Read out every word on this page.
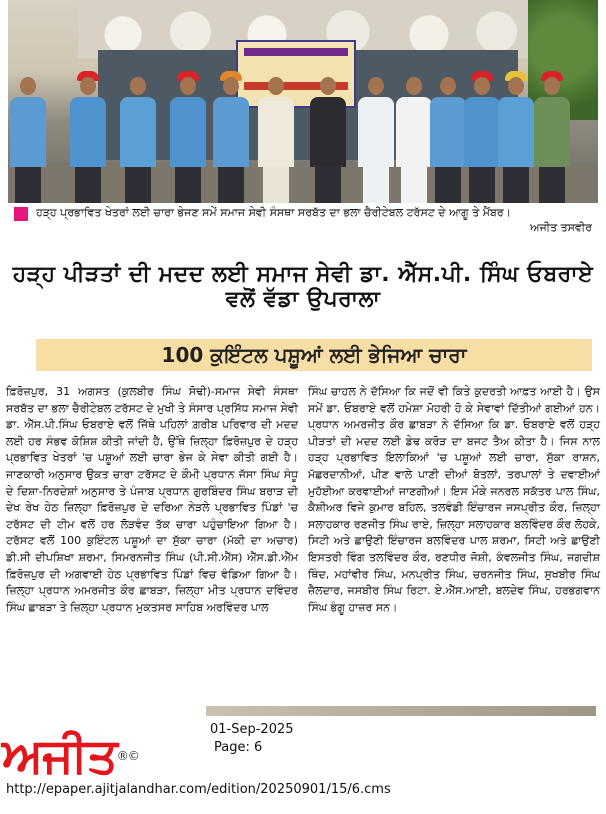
ਹੜ੍ਹ ਪ੍ਰਭਾਵਿਤ ਖੇਤਰਾਂ ਲਈ ਚਾਰਾ ਭੇਜਣ ਸਮੇਂ ਸਮਾਜ ਸੇਵੀ ਸੰਸਥਾ ਸਰਬੱਤ ਦਾ ਭਲਾ ਚੈਰੀਟੇਬਲ ਟਰੱਸਟ ਦੇ ਆਗੂ ਤੇ ਮੈਂਬਰ।
ਅਜੀਤ ਤਸਵੀਰ
ਹੜ੍ਹ ਪੀੜਤਾਂ ਦੀ ਮਦਦ ਲਈ ਸਮਾਜ ਸੇਵੀ ਡਾ. ਐੱਸ.ਪੀ. ਸਿੰਘ ਓਬਰਾਏ ਵਲੋਂ ਵੱਡਾ ਉਪਰਾਲਾ
100 ਕੁਇੰਟਲ ਪਸ਼ੂਆਂ ਲਈ ਭੇਜਿਆ ਚਾਰਾ

ਫ਼ਿਰੋਜ਼ਪੁਰ, 31 ਅਗਸਤ (ਕੁਲਬੀਰ ਸਿੰਘ ਸੋਢੀ)-ਸਮਾਜ ਸੇਵੀ ਸੰਸਥਾ ਸਰਬੱਤ ਦਾ ਭਲਾ ਚੈਰੀਟੇਬਲ ਟਰੱਸਟ ਦੇ ਮੁਖੀ ਤੇ ਸੰਸਾਰ ਪ੍ਰਸਿੱਧ ਸਮਾਜ ਸੇਵੀ ਡਾ. ਐੱਸ.ਪੀ.ਸਿੰਘ ਓਬਰਾਏ ਵਲੋਂ ਜਿੱਥੇ ਪਹਿਲਾਂ ਗ਼ਰੀਬ ਪਰਿਵਾਰ ਦੀ ਮਦਦ ਲਈ ਹਰ ਸੰਭਵ ਕੋਸ਼ਿਸ਼ ਕੀਤੀ ਜਾਂਦੀ ਹੈ, ਉੱਥੇ ਜ਼ਿਲ੍ਹਾ ਫ਼ਿਰੋਜ਼ਪੁਰ ਦੇ ਹੜ੍ਹ ਪ੍ਰਭਾਵਿਤ ਖੇਤਰਾਂ 'ਚ ਪਸ਼ੂਆਂ ਲਈ ਚਾਰਾ ਭੇਜ ਕੇ ਸੇਵਾ ਕੀਤੀ ਗਈ ਹੈ। ਜਾਣਕਾਰੀ ਅਨੁਸਾਰ ਉਕਤ ਚਾਰਾ ਟਰੱਸਟ ਦੇ ਕੌਮੀ ਪ੍ਰਧਾਨ ਜੱਸਾ ਸਿੰਘ ਸੰਧੂ ਦੇ ਦਿਸ਼ਾ-ਨਿਰਦੇਸ਼ਾਂ ਅਨੁਸਾਰ ਤੇ ਪੰਜਾਬ ਪ੍ਰਧਾਨ ਗੁਰਬਿੰਦਰ ਸਿੰਘ ਬਰਾੜ ਦੀ ਦੇਖ ਰੇਖ ਹੇਠ ਜ਼ਿਲ੍ਹਾ ਫ਼ਿਰੋਜ਼ਪੁਰ ਦੇ ਦਰਿਆ ਨੇੜਲੇ ਪ੍ਰਭਾਵਿਤ ਪਿੰਡਾਂ 'ਚ ਟਰੱਸਟ ਦੀ ਟੀਮ ਵਲੋਂ ਹਰ ਲੋੜਵੰਦ ਤੱਕ ਚਾਰਾ ਪਹੁੰਚਾਇਆ ਗਿਆ ਹੈ। ਟਰੱਸਟ ਵਲੋਂ 100 ਕੁਇੰਟਲ ਪਸ਼ੂਆਂ ਦਾ ਸੁੱਕਾ ਚਾਰਾ (ਮੱਕੀ ਦਾ ਅਚਾਰ) ਡੀ.ਸੀ ਦੀਪਸ਼ਿਖਾ ਸ਼ਰਮਾ, ਸਿਮਰਨਜੀਤ ਸਿੰਘ (ਪੀ.ਸੀ.ਐੱਸ) ਐੱਸ.ਡੀ.ਐੱਮ ਫ਼ਿਰੋਜ਼ਪੁਰ ਦੀ ਅਗਵਾਈ ਹੇਠ ਪ੍ਰਭਾਵਿਤ ਪਿੰਡਾਂ ਵਿਚ ਵੰਡਿਆ ਗਿਆ ਹੈ। ਜ਼ਿਲ੍ਹਾ ਪ੍ਰਧਾਨ ਅਮਰਜੀਤ ਕੌਰ ਛਾਬੜਾ, ਜ਼ਿਲ੍ਹਾ ਮੀਤ ਪ੍ਰਧਾਨ ਦਵਿੰਦਰ ਸਿੰਘ ਛਾਬੜਾ ਤੇ ਜ਼ਿਲ੍ਹਾ ਪ੍ਰਧਾਨ ਮੁਕਤਸਰ ਸਾਹਿਬ ਅਰਵਿੰਦਰ ਪਾਲ

ਸਿੰਘ ਚਾਹਲ ਨੇ ਦੱਸਿਆ ਕਿ ਜਦੋਂ ਵੀ ਕਿਤੇ ਕੁਦਰਤੀ ਆਫ਼ਤ ਆਈ ਹੈ। ਉਸ ਸਮੇਂ ਡਾ. ਓਬਰਾਏ ਵਲੋਂ ਹਮੇਸ਼ਾ ਮੋਹਰੀ ਹੋ ਕੇ ਸੇਵਾਵਾਂ ਦਿੱਤੀਆਂ ਗਈਆਂ ਹਨ। ਪ੍ਰਧਾਨ ਅਮਰਜੀਤ ਕੌਰ ਛਾਬੜਾ ਨੇ ਦੱਸਿਆ ਕਿ ਡਾ. ਓਬਰਾਏ ਵਲੋਂ ਹੜ੍ਹ ਪੀੜਤਾਂ ਦੀ ਮਦਦ ਲਈ ਡੇਢ ਕਰੋੜ ਦਾ ਬਜਟ ਤੈਅ ਕੀਤਾ ਹੈ। ਜਿਸ ਨਾਲ ਹੜ੍ਹ ਪ੍ਰਭਾਵਿਤ ਇਲਾਕਿਆਂ 'ਚ ਪਸ਼ੂਆਂ ਲਈ ਚਾਰਾ, ਸੁੱਕਾ ਰਾਸ਼ਨ, ਮੱਛਰਦਾਨੀਆਂ, ਪੀਣ ਵਾਲੇ ਪਾਣੀ ਦੀਆਂ ਬੋਤਲਾਂ, ਤਰਪਾਲਾਂ ਤੇ ਦਵਾਈਆਂ ਮੁਹੱਈਆ ਕਰਵਾਈਆਂ ਜਾਣਗੀਆਂ। ਇਸ ਮੌਕੇ ਜਨਰਲ ਸਕੱਤਰ ਪਾਲ ਸਿੰਘ, ਕੈਸ਼ੀਅਰ ਵਿਜੇ ਕੁਮਾਰ ਬਹਿਲ, ਤਲਵੰਡੀ ਇੰਚਾਰਜ ਜਸਪ੍ਰੀਤ ਕੌਰ, ਜ਼ਿਲ੍ਹਾ ਸਲਾਹਕਾਰ ਰਣਜੀਤ ਸਿੰਘ ਰਾਏ, ਜ਼ਿਲ੍ਹਾ ਸਲਾਹਕਾਰ ਬਲਵਿੰਦਰ ਕੌਰ ਲੋਹਕੇ, ਸਿਟੀ ਅਤੇ ਛਾਉਣੀ ਇੰਚਾਰਜ ਬਲਵਿੰਦਰ ਪਾਲ ਸ਼ਰਮਾ, ਸਿਟੀ ਅਤੇ ਛਾਉਣੀ ਇਸਤਰੀ ਵਿੰਗ ਤਲਵਿੰਦਰ ਕੌਰ, ਰਣਧੀਰ ਜੋਸ਼ੀ, ਕੰਵਲਜੀਤ ਸਿੰਘ, ਜਗਦੀਸ਼ ਥਿੰਦ, ਮਹਾਂਵੀਰ ਸਿੰਘ, ਮਨਪ੍ਰੀਤ ਸਿੰਘ, ਚਰਨਜੀਤ ਸਿੰਘ, ਸੁਖਬੀਰ ਸਿੰਘ ਜ਼ੈਲਦਾਰ, ਜਸਬੀਰ ਸਿੰਘ ਰਿਟਾ. ਏ.ਐੱਸ.ਆਈ, ਬਲਦੇਵ ਸਿੰਘ, ਹਰਭਗਵਾਨ ਸਿੰਘ ਭੰਗੂ ਹਾਜ਼ਰ ਸਨ।

ਅਜੀਤ®©
01-Sep-2025
Page: 6
http://epaper.ajitjalandhar.com/edition/20250901/15/6.cms
